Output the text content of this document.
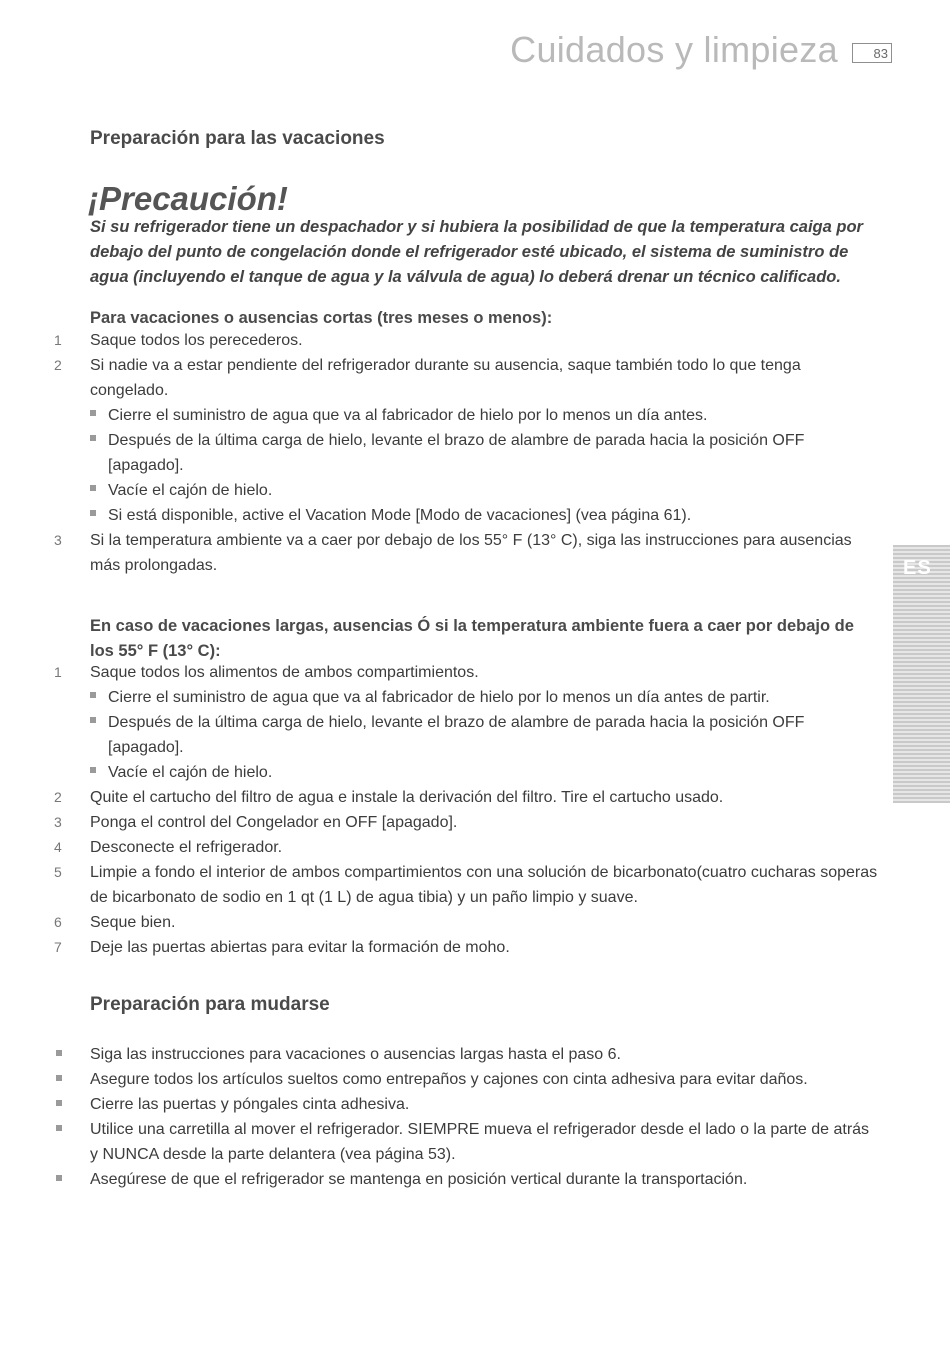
Cuidados y limpieza	83
Preparación para las vacaciones
¡Precaución!

Si su refrigerador tiene un despachador y si hubiera la posibilidad de que la temperatura caiga por debajo del punto de congelación donde el refrigerador esté ubicado, el sistema de suministro de agua (incluyendo el tanque de agua y la válvula de agua) lo deberá drenar un técnico calificado.

Para vacaciones o ausencias cortas (tres meses o menos):

1	Saque todos los perecederos.
2	Si nadie va a estar pendiente del refrigerador durante su ausencia, saque también todo lo que tenga congelado.
Cierre el suministro de agua que va al fabricador de hielo por lo menos un día antes.
Después de la última carga de hielo, levante el brazo de alambre de parada hacia la posición OFF [apagado].
Vacíe el cajón de hielo.
Si está disponible, active el Vacation Mode [Modo de vacaciones] (vea página 61).
3	Si la temperatura ambiente va a caer por debajo de los 55° F (13° C), siga las instrucciones para ausencias más prolongadas.

En caso de vacaciones largas, ausencias Ó si la temperatura ambiente fuera a caer por debajo de los 55° F (13° C):

1	Saque todos los alimentos de ambos compartimientos.
Cierre el suministro de agua que va al fabricador de hielo por lo menos un día antes de partir.
Después de la última carga de hielo, levante el brazo de alambre de parada hacia la posición OFF [apagado].
Vacíe el cajón de hielo.
2	Quite el cartucho del filtro de agua e instale la derivación del filtro. Tire el cartucho usado.
3	Ponga el control del Congelador en OFF [apagado].
4	Desconecte el refrigerador.
5	Limpie a fondo el interior de ambos compartimientos con una solución de bicarbonato(cuatro cucharas soperas de bicarbonato de sodio en 1 qt (1 L) de agua tibia) y un paño limpio y suave.
6	Seque bien.
7	Deje las puertas abiertas para evitar la formación de moho.
Preparación para mudarse
Siga las instrucciones para vacaciones o ausencias largas hasta el paso 6.
Asegure todos los artículos sueltos como entrepaños y cajones con cinta adhesiva para evitar daños.
Cierre las puertas y póngales cinta adhesiva.
Utilice una carretilla al mover el refrigerador. SIEMPRE mueva el refrigerador desde el lado o la parte de atrás y NUNCA desde la parte delantera (vea página 53).
Asegúrese de que el refrigerador se mantenga en posición vertical durante la transportación.
ES
